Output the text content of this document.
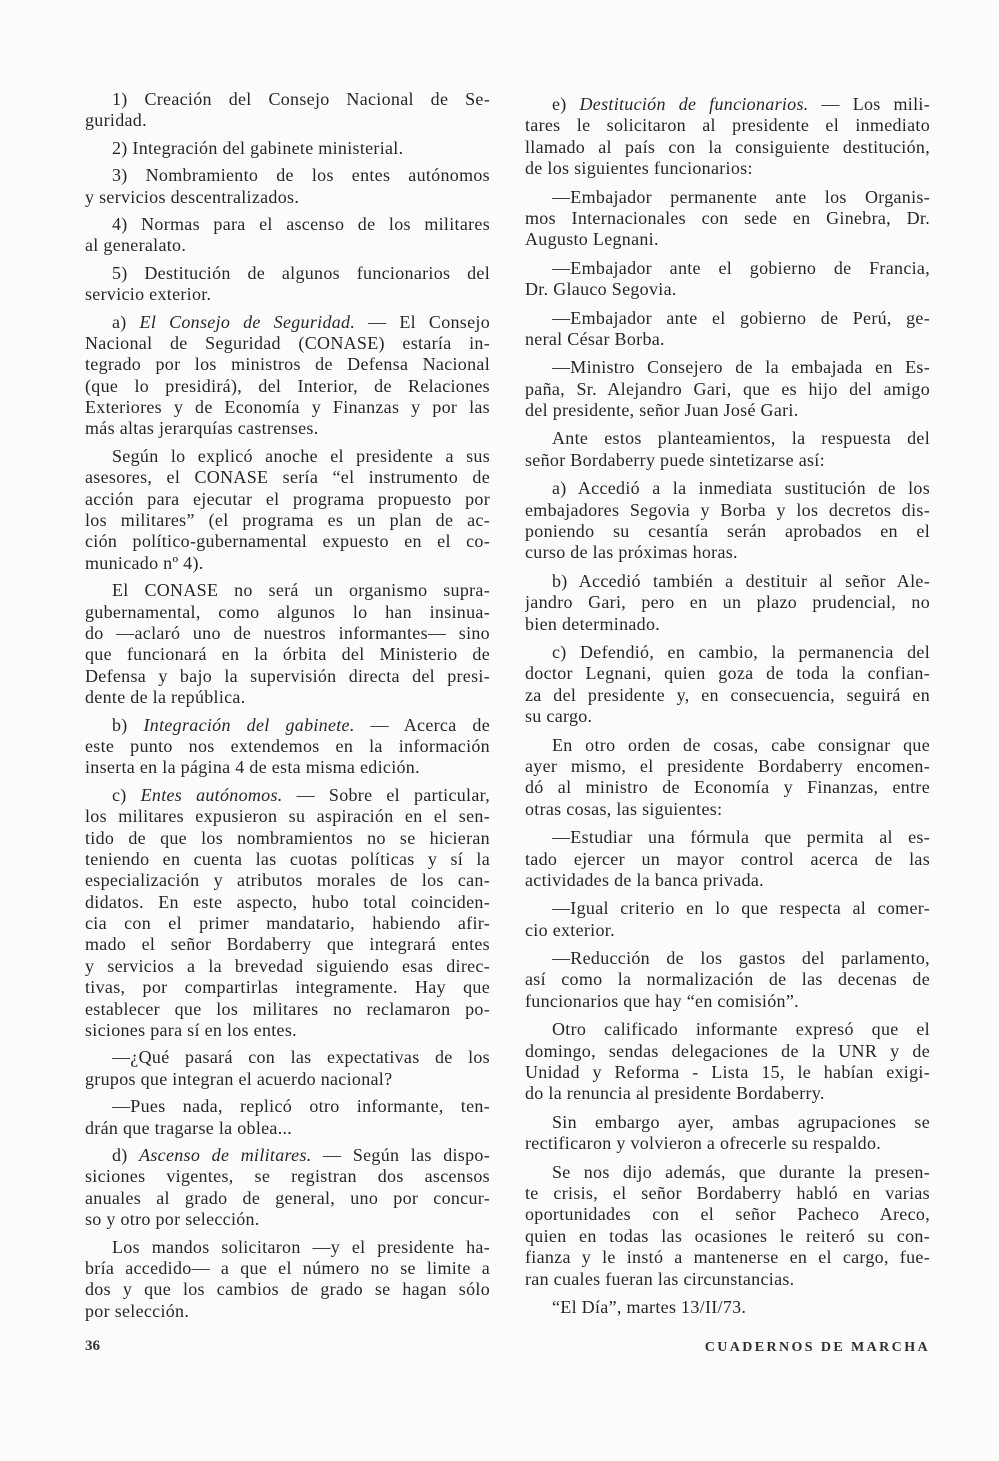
1) Creación del Consejo Nacional de Se-
guridad.
2) Integración del gabinete ministerial.
3) Nombramiento de los entes autónomos
y servicios descentralizados.
4) Normas para el ascenso de los militares
al generalato.
5) Destitución de algunos funcionarios del
servicio exterior.
a) El Consejo de Seguridad. — El Consejo
Nacional de Seguridad (CONASE) estaría in-
tegrado por los ministros de Defensa Nacional
(que lo presidirá), del Interior, de Relaciones
Exteriores y de Economía y Finanzas y por las
más altas jerarquías castrenses.
Según lo explicó anoche el presidente a sus
asesores, el CONASE sería “el instrumento de
acción para ejecutar el programa propuesto por
los militares” (el programa es un plan de ac-
ción político-gubernamental expuesto en el co-
municado nº 4).
El CONASE no será un organismo supra-
gubernamental, como algunos lo han insinua-
do —aclaró uno de nuestros informantes— sino
que funcionará en la órbita del Ministerio de
Defensa y bajo la supervisión directa del presi-
dente de la república.
b) Integración del gabinete. — Acerca de
este punto nos extendemos en la información
inserta en la página 4 de esta misma edición.
c) Entes autónomos. — Sobre el particular,
los militares expusieron su aspiración en el sen-
tido de que los nombramientos no se hicieran
teniendo en cuenta las cuotas políticas y sí la
especialización y atributos morales de los can-
didatos. En este aspecto, hubo total coinciden-
cia con el primer mandatario, habiendo afir-
mado el señor Bordaberry que integrará entes
y servicios a la brevedad siguiendo esas direc-
tivas, por compartirlas integramente. Hay que
establecer que los militares no reclamaron po-
siciones para sí en los entes.
—¿Qué pasará con las expectativas de los
grupos que integran el acuerdo nacional?
—Pues nada, replicó otro informante, ten-
drán que tragarse la oblea...
d) Ascenso de militares. — Según las dispo-
siciones vigentes, se registran dos ascensos
anuales al grado de general, uno por concur-
so y otro por selección.
Los mandos solicitaron —y el presidente ha-
bría accedido— a que el número no se limite a
dos y que los cambios de grado se hagan sólo
por selección.
e) Destitución de funcionarios. — Los mili-
tares le solicitaron al presidente el inmediato
llamado al país con la consiguiente destitución,
de los siguientes funcionarios:
—Embajador permanente ante los Organis-
mos Internacionales con sede en Ginebra, Dr.
Augusto Legnani.
—Embajador ante el gobierno de Francia,
Dr. Glauco Segovia.
—Embajador ante el gobierno de Perú, ge-
neral César Borba.
—Ministro Consejero de la embajada en Es-
paña, Sr. Alejandro Gari, que es hijo del amigo
del presidente, señor Juan José Gari.
Ante estos planteamientos, la respuesta del
señor Bordaberry puede sintetizarse así:
a) Accedió a la inmediata sustitución de los
embajadores Segovia y Borba y los decretos dis-
poniendo su cesantía serán aprobados en el
curso de las próximas horas.
b) Accedió también a destituir al señor Ale-
jandro Gari, pero en un plazo prudencial, no
bien determinado.
c) Defendió, en cambio, la permanencia del
doctor Legnani, quien goza de toda la confian-
za del presidente y, en consecuencia, seguirá en
su cargo.
En otro orden de cosas, cabe consignar que
ayer mismo, el presidente Bordaberry encomen-
dó al ministro de Economía y Finanzas, entre
otras cosas, las siguientes:
—Estudiar una fórmula que permita al es-
tado ejercer un mayor control acerca de las
actividades de la banca privada.
—Igual criterio en lo que respecta al comer-
cio exterior.
—Reducción de los gastos del parlamento,
así como la normalización de las decenas de
funcionarios que hay “en comisión”.
Otro calificado informante expresó que el
domingo, sendas delegaciones de la UNR y de
Unidad y Reforma - Lista 15, le habían exigi-
do la renuncia al presidente Bordaberry.
Sin embargo ayer, ambas agrupaciones se
rectificaron y volvieron a ofrecerle su respaldo.
Se nos dijo además, que durante la presen-
te crisis, el señor Bordaberry habló en varias
oportunidades con el señor Pacheco Areco,
quien en todas las ocasiones le reiteró su con-
fianza y le instó a mantenerse en el cargo, fue-
ran cuales fueran las circunstancias.
“El Día”, martes 13/II/73.
36	CUADERNOS DE MARCHA
